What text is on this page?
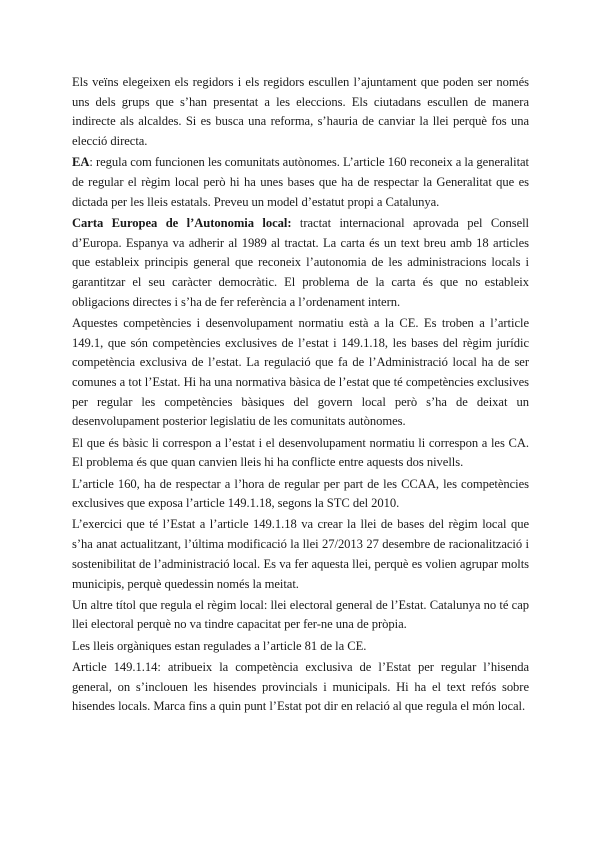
Els veïns elegeixen els regidors i els regidors escullen l’ajuntament que poden ser només uns dels grups que s’han presentat a les eleccions. Els ciutadans escullen de manera indirecte als alcaldes. Si es busca una reforma, s’hauria de canviar la llei perquè fos una elecció directa.

EA: regula com funcionen les comunitats autònomes. L’article 160 reconeix a la generalitat de regular el règim local però hi ha unes bases que ha de respectar la Generalitat que es dictada per les lleis estatals. Preveu un model d’estatut propi a Catalunya.

Carta Europea de l’Autonomia local: tractat internacional aprovada pel Consell d’Europa. Espanya va adherir al 1989 al tractat. La carta és un text breu amb 18 articles que estableix principis general que reconeix l’autonomia de les administracions locals i garantitzar el seu caràcter democràtic. El problema de la carta és que no estableix obligacions directes i s’ha de fer referència a l’ordenament intern.

Aquestes competències i desenvolupament normatiu està a la CE. Es troben a l’article 149.1, que són competències exclusives de l’estat i 149.1.18, les bases del règim jurídic competència exclusiva de l’estat. La regulació que fa de l’Administració local ha de ser comunes a tot l’Estat. Hi ha una normativa bàsica de l’estat que té competències exclusives per regular les competències bàsiques del govern local però s’ha de deixat un desenvolupament posterior legislatiu de les comunitats autònomes.

El que és bàsic li correspon a l’estat i el desenvolupament normatiu li correspon a les CA. El problema és que quan canvien lleis hi ha conflicte entre aquests dos nivells.

L’article 160, ha de respectar a l’hora de regular per part de les CCAA, les competències exclusives que exposa l’article 149.1.18, segons la STC del 2010.

L’exercici que té l’Estat a l’article 149.1.18 va crear la llei de bases del règim local que s’ha anat actualitzant, l’última modificació la llei 27/2013 27 desembre de racionalització i sostenibilitat de l’administració local. Es va fer aquesta llei, perquè es volien agrupar molts municipis, perquè quedessin només la meitat.

Un altre títol que regula el règim local: llei electoral general de l’Estat. Catalunya no té cap llei electoral perquè no va tindre capacitat per fer-ne una de pròpia.

Les lleis orgàniques estan regulades a l’article 81 de la CE.

Article 149.1.14: atribueix la competència exclusiva de l’Estat per regular l’hisenda general, on s’inclouen les hisendes provincials i municipals. Hi ha el text refós sobre hisendes locals. Marca fins a quin punt l’Estat pot dir en relació al que regula el món local.
